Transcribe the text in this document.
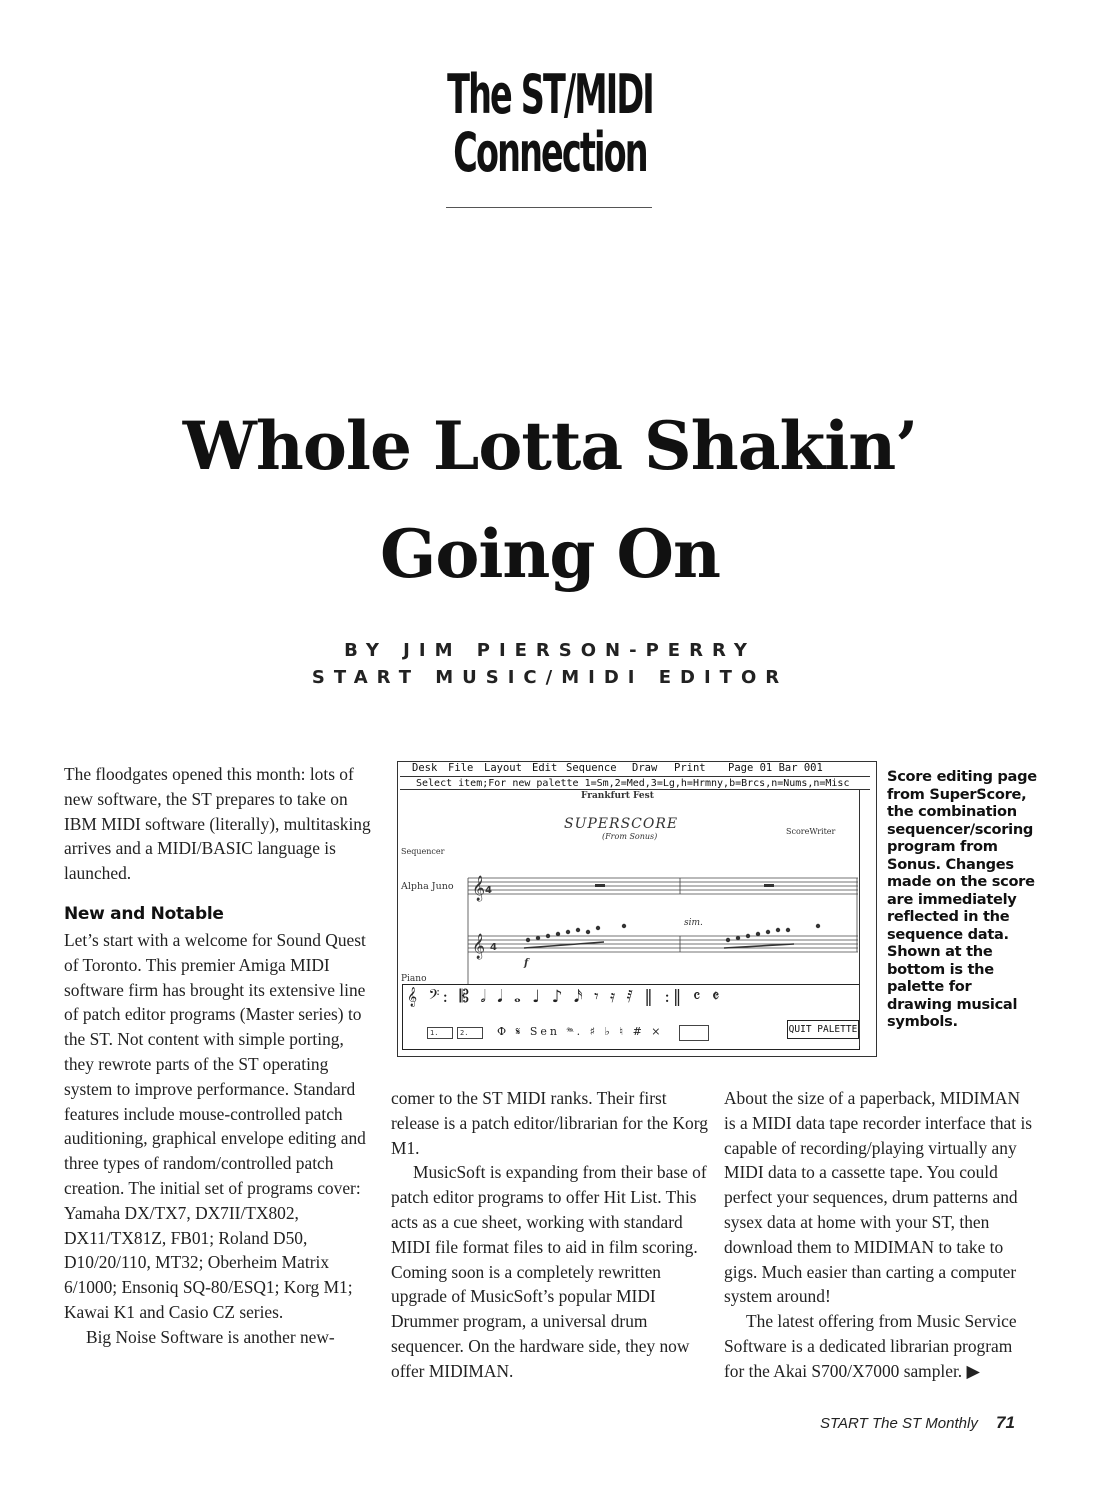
The ST/MIDI
Connection
Whole Lotta Shakin’
Going On
BY JIM PIERSON-PERRY
START MUSIC/MIDI EDITOR

The floodgates opened this month: lots of new software, the ST prepares to take on IBM MIDI software (literally), multitasking arrives and a MIDI/BASIC language is launched.

New and Notable

Let’s start with a welcome for Sound Quest of Toronto. This premier Amiga MIDI software firm has brought its extensive line of patch editor programs (Master series) to the ST. Not content with simple porting, they rewrote parts of the ST operating system to improve performance. Standard features include mouse-controlled patch auditioning, graphical envelope editing and three types of random/controlled patch creation. The initial set of programs cover: Yamaha DX/TX7, DX7II/TX802, DX11/TX81Z, FB01; Roland D50, D10/20/110, MT32; Oberheim Matrix 6/1000; Ensoniq SQ-80/ESQ1; Korg M1; Kawai K1 and Casio CZ series.

Big Noise Software is another new-

Desk File Layout Edit Sequence Draw Print Page 01 Bar 001
Select item;For new palette 1=Sm,2=Med,3=Lg,h=Hrmny,b=Brcs,n=Nums,n=Misc
Frankfurt Fest
SUPERSCORE
(From Sonus)
ScoreWriter
Sequencer
Alpha Juno
Piano
sim.
f
𝄞
𝄞
4
4
𝄞 𝄢: 𝄡 𝅗𝅥 𝅘𝅥 𝅝 ♩ ♪ 𝅘𝅥𝅯 𝄾 𝄿 𝅀 ‖ :‖ 𝄴 𝄵
1.	2.	Ф 𝄋 Sen 𝆮. ♯ ♭ ♮ # ×	QUIT PALETTE
Score editing page from SuperScore, the combination sequencer/scoring program from Sonus. Changes made on the score are immediately reflected in the sequence data. Shown at the bottom is the palette for drawing musical symbols.

comer to the ST MIDI ranks. Their first release is a patch editor/librarian for the Korg M1.

MusicSoft is expanding from their base of patch editor programs to offer Hit List. This acts as a cue sheet, working with standard MIDI file format files to aid in film scoring. Coming soon is a completely rewritten upgrade of MusicSoft’s popular MIDI Drummer program, a universal drum sequencer. On the hardware side, they now offer MIDIMAN.

About the size of a paperback, MIDIMAN is a MIDI data tape recorder interface that is capable of recording/playing virtually any MIDI data to a cassette tape. You could perfect your sequences, drum patterns and sysex data at home with your ST, then download them to MIDIMAN to take to gigs. Much easier than carting a computer system around!

The latest offering from Music Service Software is a dedicated librarian program for the Akai S700/X7000 sampler. ▶

START The ST Monthly 71
